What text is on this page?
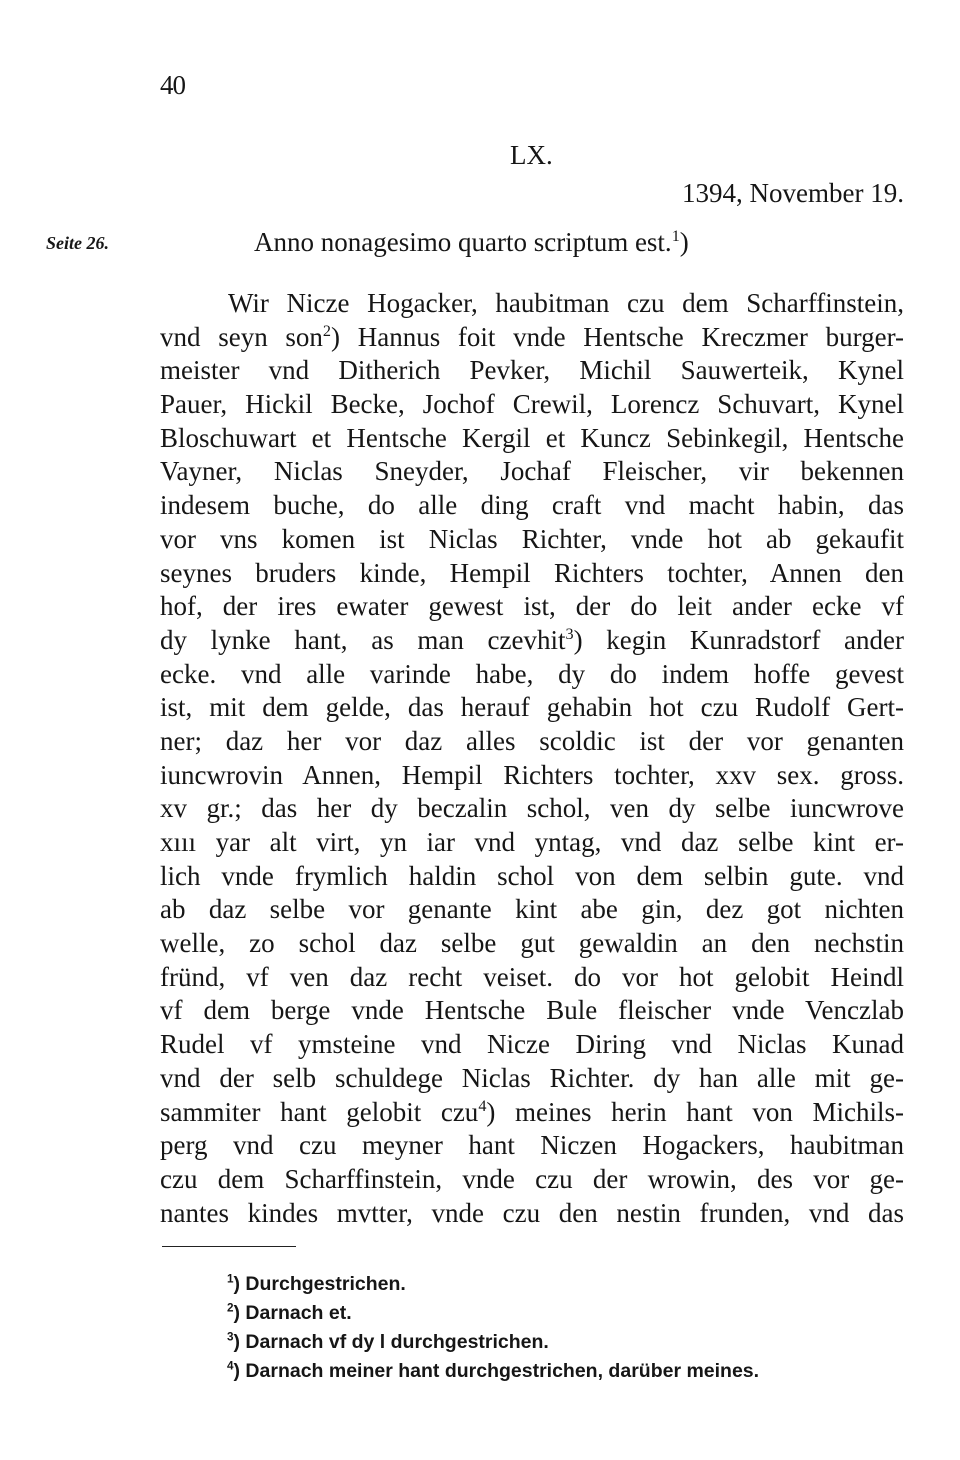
40
LX.
1394, November 19.
Seite 26.	Anno nonagesimo quarto scriptum est.$^1$)
Wir Nicze Hogacker, haubitman czu dem Scharffinstein,
vnd seyn son$^2$) Hannus foit vnde Hentsche Kreczmer burger-
meister vnd Ditherich Pevker, Michil Sauwerteik, Kynel
Pauer, Hickil Becke, Jochof Crewil, Lorencz Schuvart, Kynel
Bloschuwart et Hentsche Kergil et Kuncz Sebinkegil, Hentsche
Vayner, Niclas Sneyder, Jochaf Fleischer, vir bekennen
indesem buche, do alle ding craft vnd macht habin, das
vor vns komen ist Niclas Richter, vnde hot ab gekaufit
seynes bruders kinde, Hempil Richters tochter, Annen den
hof, der ires ewater gewest ist, der do leit ander ecke vf
dy lynke hant, as man czevhit$^3$) kegin Kunradstorf ander
ecke. vnd alle varinde habe, dy do indem hoffe gevest
ist, mit dem gelde, das herauf gehabin hot czu Rudolf Gert-
ner; daz her vor daz alles scoldic ist der vor genanten
iuncwrovin Annen, Hempil Richters tochter, xxv sex. gross.
xv gr.; das her dy beczalin schol, ven dy selbe iuncwrove
xııı yar alt virt, yn iar vnd yntag, vnd daz selbe kint er-
lich vnde frymlich haldin schol von dem selbin gute. vnd
ab daz selbe vor genante kint abe gin, dez got nichten
welle, zo schol daz selbe gut gewaldin an den nechstin
fründ, vf ven daz recht veiset. do vor hot gelobit Heindl
vf dem berge vnde Hentsche Bule fleischer vnde Venczlab
Rudel vf ymsteine vnd Nicze Diring vnd Niclas Kunad
vnd der selb schuldege Niclas Richter. dy han alle mit ge-
sammiter hant gelobit czu$^4$) meines herin hant von Michils-
perg vnd czu meyner hant Niczen Hogackers, haubitman
czu dem Scharffinstein, vnde czu der wrowin, des vor ge-
nantes kindes mvtter, vnde czu den nestin frunden, vnd das
$^1$) Durchgestrichen.
$^2$) Darnach et.
$^3$) Darnach vf dy l durchgestrichen.
$^4$) Darnach meiner hant durchgestrichen, darüber meines.
